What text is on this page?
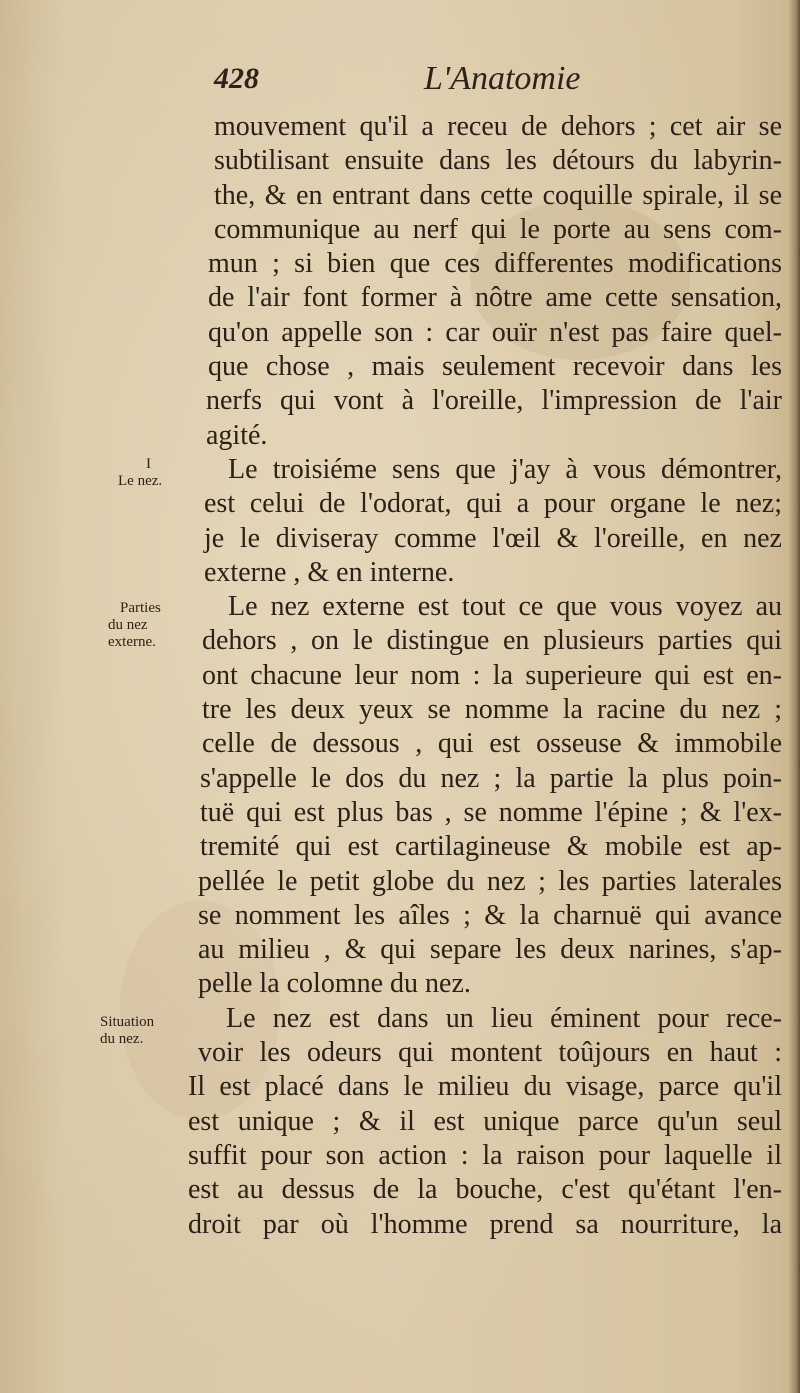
428	L'Anatomie
I
Le nez.
Parties
du nez
externe.
Situation
du nez.
mouvement qu'il a receu de dehors ; cet air se
subtilisant ensuite dans les détours du labyrin-
the, & en entrant dans cette coquille spirale, il se
communique au nerf qui le porte au sens com-
mun ; si bien que ces differentes modifications
de l'air font former à nôtre ame cette sensation,
qu'on appelle son : car ouïr n'est pas faire quel-
que chose , mais seulement recevoir dans les
nerfs qui vont à l'oreille, l'impression de l'air
agité.
Le troisiéme sens que j'ay à vous démontrer,
est celui de l'odorat, qui a pour organe le nez;
je le diviseray comme l'œil & l'oreille, en nez
externe , & en interne.
Le nez externe est tout ce que vous voyez au
dehors , on le distingue en plusieurs parties qui
ont chacune leur nom : la superieure qui est en-
tre les deux yeux se nomme la racine du nez ;
celle de dessous , qui est osseuse & immobile
s'appelle le dos du nez ; la partie la plus poin-
tuë qui est plus bas , se nomme l'épine ; & l'ex-
tremité qui est cartilagineuse & mobile est ap-
pellée le petit globe du nez ; les parties laterales
se nomment les aîles ; & la charnuë qui avance
au milieu , & qui separe les deux narines, s'ap-
pelle la colomne du nez.
Le nez est dans un lieu éminent pour rece-
voir les odeurs qui montent toûjours en haut :
Il est placé dans le milieu du visage, parce qu'il
est unique ; & il est unique parce qu'un seul
suffit pour son action : la raison pour laquelle il
est au dessus de la bouche, c'est qu'étant l'en-
droit par où l'homme prend sa nourriture, la
